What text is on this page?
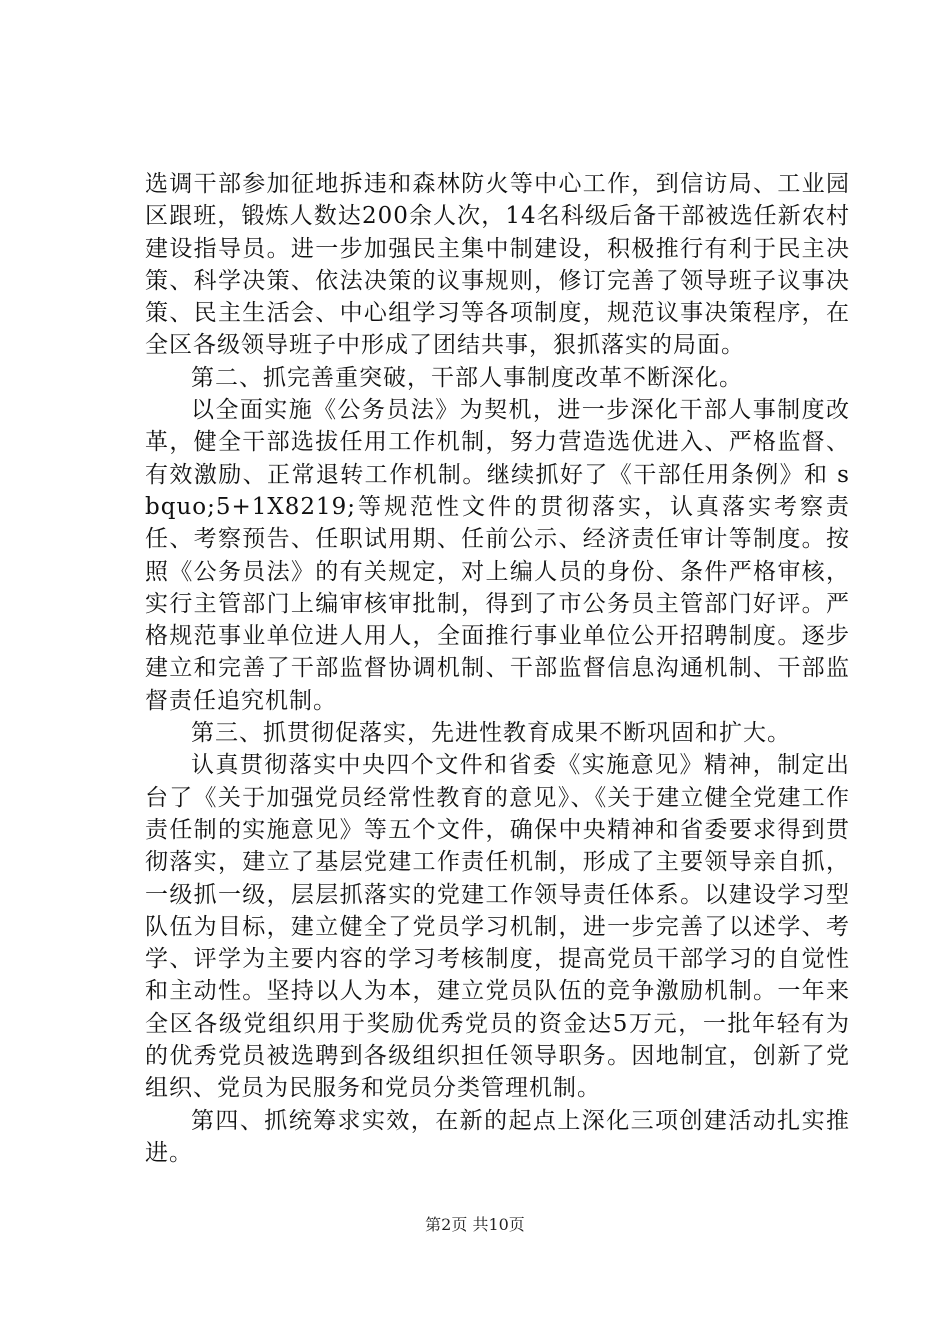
选调干部参加征地拆违和森林防火等中心工作，到信访局、工业园区跟班，锻炼人数达200余人次，14名科级后备干部被选任新农村建设指导员。进一步加强民主集中制建设，积极推行有利于民主决策、科学决策、依法决策的议事规则，修订完善了领导班子议事决策、民主生活会、中心组学习等各项制度，规范议事决策程序，在全区各级领导班子中形成了团结共事，狠抓落实的局面。

第二、抓完善重突破，干部人事制度改革不断深化。

以全面实施《公务员法》为契机，进一步深化干部人事制度改革，健全干部选拔任用工作机制，努力营造选优进入、严格监督、有效激励、正常退转工作机制。继续抓好了《干部任用条例》和 sbquo;5+1X8219;等规范性文件的贯彻落实，认真落实考察责任、考察预告、任职试用期、任前公示、经济责任审计等制度。按照《公务员法》的有关规定，对上编人员的身份、条件严格审核，实行主管部门上编审核审批制，得到了市公务员主管部门好评。严格规范事业单位进人用人，全面推行事业单位公开招聘制度。逐步建立和完善了干部监督协调机制、干部监督信息沟通机制、干部监督责任追究机制。

第三、抓贯彻促落实，先进性教育成果不断巩固和扩大。

认真贯彻落实中央四个文件和省委《实施意见》精神，制定出台了《关于加强党员经常性教育的意见》、《关于建立健全党建工作责任制的实施意见》等五个文件，确保中央精神和省委要求得到贯彻落实，建立了基层党建工作责任机制，形成了主要领导亲自抓，一级抓一级，层层抓落实的党建工作领导责任体系。以建设学习型队伍为目标，建立健全了党员学习机制，进一步完善了以述学、考学、评学为主要内容的学习考核制度，提高党员干部学习的自觉性和主动性。坚持以人为本，建立党员队伍的竞争激励机制。一年来全区各级党组织用于奖励优秀党员的资金达5万元，一批年轻有为的优秀党员被选聘到各级组织担任领导职务。因地制宜，创新了党组织、党员为民服务和党员分类管理机制。

第四、抓统筹求实效，在新的起点上深化三项创建活动扎实推进。

第2页 共10页
